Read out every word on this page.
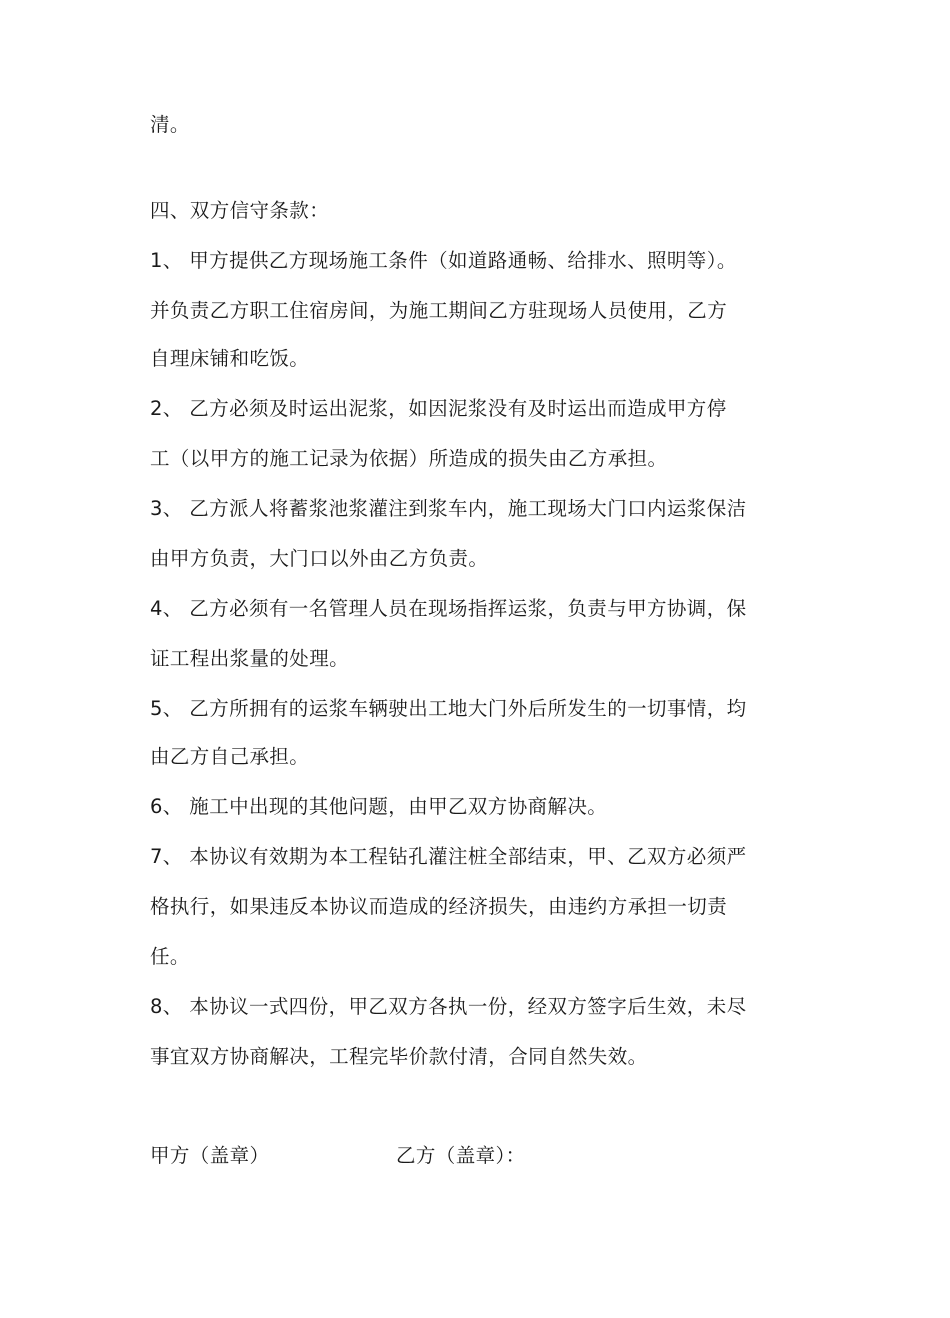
清。
四、双方信守条款：
1、 甲方提供乙方现场施工条件（如道路通畅、给排水、照明等）。
并负责乙方职工住宿房间，为施工期间乙方驻现场人员使用，乙方
自理床铺和吃饭。
2、 乙方必须及时运出泥浆，如因泥浆没有及时运出而造成甲方停
工（以甲方的施工记录为依据）所造成的损失由乙方承担。
3、 乙方派人将蓄浆池浆灌注到浆车内，施工现场大门口内运浆保洁
由甲方负责，大门口以外由乙方负责。
4、 乙方必须有一名管理人员在现场指挥运浆，负责与甲方协调，保
证工程出浆量的处理。
5、 乙方所拥有的运浆车辆驶出工地大门外后所发生的一切事情，均
由乙方自己承担。
6、 施工中出现的其他问题，由甲乙双方协商解决。
7、 本协议有效期为本工程钻孔灌注桩全部结束，甲、乙双方必须严
格执行，如果违反本协议而造成的经济损失，由违约方承担一切责
任。
8、 本协议一式四份，甲乙双方各执一份，经双方签字后生效，未尽
事宜双方协商解决，工程完毕价款付清，合同自然失效。
甲方（盖章）	乙方（盖章）：
